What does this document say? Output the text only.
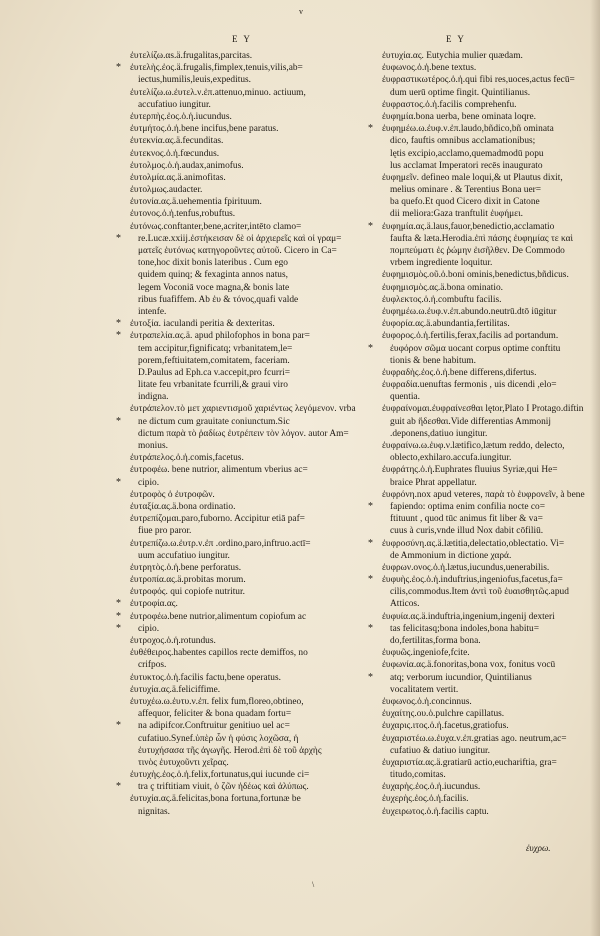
v
E Y	E Y
ἐυτελίζω.αs.ä.frugalitas,parcitas.
* ἐυτελὴς.ἐος.ä.frugalis,fimplex,tenuis,vilis,ab=
iectus,humilis,leuis,expeditus.
ἐυτελίζω.ω.ἐυτελ.ν.ἐπ.attenuo,minuo. actiuum,
accufatiuo iungitur.
ἐυτερπὴς.ἐος.ὁ.ἡ.iucundus.
ἐυτμήτος.ὁ.ἡ.bene incifus,bene paratus.
ἐυτεκνία.ας.ä.fecunditas.
ἐυτεκνος.ὁ.ἡ.fœcundus.
ἐυτολμος.ὁ.ἡ.audax,animofus.
ἐυτολμία.ας.ä.animofitas.
ἐυτολμως.audacter.
ἐυτονία.ας.ä.uehementia fpirituum.
ἐυτονος.ὁ.ἡ.tenfus,robuftus.
ἐυτόνως.conftanter,bene,acriter,intēto clamo=
* re.Lucæ.xxiij.ἐστήκεισαν δὲ οἱ ἀρχιερεῖς καὶ οἱ γραμ=
ματεῖς ἐυτόνως κατηγοροῦντες αὐτοῦ. Cicero in Ca=
tone,hoc dixit bonis lateribus . Cum ego
quidem quinq; & fexaginta annos natus,
legem Voconiā voce magna,& bonis late
ribus fuafiffem. Ab ἐυ & τόνος,quafi valde
intenfe.
* ἐυτοξία. iaculandi peritia & dexteritas.
* ἐυτραπελία.ας.ä. apud philofophos in bona par=
tem accipitur,fignificatq; vrbanitatem,le=
porem,feftiuitatem,comitatem, faceriam.
D.Paulus ad Eph.ca v.accepit,pro fcurri=
litate feu vrbanitate fcurrili,& graui viro
indigna.
ἐυτράπελον.τὸ μετ χαριεντισμοῦ χαριέντως λεγόμενον. vrba
* ne dictum cum grauitate coniunctum.Sic
dictum παρὰ τὸ ῥαδίως ἐυτρέπειν τὸν λόγον. autor Am=
monius.
ἐυτράπελος.ὁ.ἡ.comis,facetus.
ἐυτροφέω. bene nutrior, alimentum vberius ac=
* cipio.
ἐυτροφὸς ὁ ἐυτροφῶν.
ἐυταξία.ας.ä.bona ordinatio.
ἐυτρεπίζομαι.paro,fuborno. Accipitur etiā paf=
fiue pro paror.
ἐυτρεπίζω.ω.ἐυτρ.ν.ἐπ .ordino,paro,inftruo.actī=
uum accufatiuo iungitur.
ἐυτρητὸς.ὁ.ἡ.bene perforatus.
ἐυτροπία.ας.ä.probitas morum.
ἐυτροφός. qui copiofe nutritur.
* ἐυτροφία.ας.
* ἐυτροφέω.bene nutrior,alimentum copiofum ac
* cipio.
ἐυτροχος.ὁ.ἡ.rotundus.
ἐυθέθειρος.habentes capillos recte demiffos, no
crifpos.
ἐυτυκτος.ὁ.ἡ.facilis factu,bene operatus.
ἐυτυχία.ας.ä.feliciffime.
ἐυτυχέω.ω.ἐυτυ.ν.ἐπ. felix fum,floreo,obtineo,
affequor, feliciter & bona quadam fortu=
* na adipifcor.Conftruitur genitiuo uel ac=
cufatiuo.Synef.ὑπὲρ ὧν ἡ φύσις λοχῶσα, ἡ
ἐυτυχήσασα τῆς ἀγωγῆς. Herod.ἐπὶ δὲ τοῦ ἀρχὴς
τινὸς ἐυτυχοῦντι χεῖρας.
ἐυτυχὴς.ἐος.ὁ.ἡ.felix,fortunatus,qui iucunde ci=
* tra ç triftitiam viuit, ὁ ζῶν ἡδέως καὶ ἀλύπως.
ἐυτυχία.ας.ä.felicitas,bona fortuna,fortunæ be
nignitas.
ἐυτυχία.ας. Eutychia mulier quædam.
ἐυφωνος.ὁ.ἡ.bene textus.
ἐυφραστικωτέρος.ὁ.ἡ.qui fibi res,uoces,actus fecū=
dum uerū optime fingit. Quintilianus.
ἐυφραστος.ὁ.ἡ.facilis comprehenfu.
ἐυφημία.bona uerba, bene ominata loqre.
* ἐυφημέω.ω.ἐυφ.ν.ἐπ.laudo,bñdico,bñ ominata
dico, fauftis omnibus acclamationibus;
lętis excipio,acclamo,quemadmodū popu
lus acclamat Imperatori recēs inaugurato
ἐυφημεῖν. defineo male loqui,& ut Plautus dixit,
melius ominare . & Terentius Bona uer=
ba quefo.Et quod Cicero dixit in Catone
dii meliora:Gaza tranftulit ἐυφήμει.
* ἐυφημία.ας.ä.laus,fauor,benedictio,acclamatio
faufta & læta.Herodia.ἐπὶ πάσης ἐυφημίας τε καὶ
πομπεύματι ἐς ῥώμην ἐισῆλθεν. De Commodo
vrbem ingrediente loquitur.
ἐυφημισμὸς.οῦ.ὁ.boni ominis,benedictus,bñdicus.
ἐυφημισμὸς.ας.ä.bona ominatio.
ἐυφλεκτος.ὁ.ἡ.combuftu facilis.
ἐυφημέω.ω.ἐυφ.ν.ἐπ.abundo.neutrū.dtō iūgitur
ἐυφορία.ας.ä.abundantia,fertilitas.
ἐυφορος.ὁ.ἡ.fertilis,ferax,facilis ad portandum.
* ἐυφόρον σῶμα uocant corpus optime conftitu
tionis & bene habitum.
ἐυφραδὴς.ἐος.ὁ.ἡ.bene differens,difertus.
ἐυφραδία.uenuftas fermonis , uis dicendi ,elo=
quentia.
ἐυφραίνομαι.ἐυφραίνεσθαι lętor,Plato I Protago.diftin
guit ab ἥδεσθαι.Vide differentias Ammonij
.deponens,datiuo iungitur.
ἐυφραίνω.ω.ἐυφ.ν.lætifico,lætum reddo, delecto,
oblecto,exhilaro.accufa.iungitur.
ἐυφράτης.ὁ.ἡ.Euphrates fluuius Syriæ,qui He=
braice Phrat appellatur.
ἐυφρόνη.nox apud veteres, παρὰ τὸ ἐυφρονεῖν, à bene
* fapiendo: optima enim confilia nocte co=
ftituunt , quod tūc animus fit liber & va=
cuus à curis,vnde illud Nox dabit cōfiliū.
* ἐυφροσύνη.ας.ä.lætitia,delectatio,oblectatio. Vi=
de Ammonium in dictione χαρά.
ἐυφρων.ονος.ὁ.ἡ.lætus,iucundus,uenerabilis.
* ἐυφυὴς.ἐος.ὁ.ἡ.induftrius,ingeniofus,facetus,fa=
cilis,commodus.Item ἀντὶ τοῦ ἐυαισθητῶς.apud
Atticos.
ἐυφυία.ας.ä.induftria,ingenium,ingenij dexteri
* tas felicitasq;bona indoles,bona habitu=
do,fertilitas,forma bona.
ἐυφυῶς.ingeniofe,fcite.
ἐυφωνία.ας.ä.fonoritas,bona vox, fonitus vocū
* atq; verborum iucundior, Quintilianus
vocalitatem vertit.
ἐυφωνος.ὁ.ἡ.concinnus.
ἐυχαίτης.ου.ὁ.pulchre capillatus.
ἐυχαρις.ιτος.ὁ.ἡ.facetus,gratiofus.
ἐυχαριστέω.ω.ἐυχα.ν.ἐπ.gratias ago. neutrum,ac=
cufatiuo & datiuo iungitur.
ἐυχαριστία.ας.ä.gratiarū actio,euchariftia, gra=
titudo,comitas.
ἐυχαρὴς.ἐος.ὁ.ἡ.iucundus.
ἐυχερὴς.ἐος.ὁ.ἡ.facilis.
ἐυχειρωτος.ὁ.ἡ.facilis captu.
ἐυχρω.
\
